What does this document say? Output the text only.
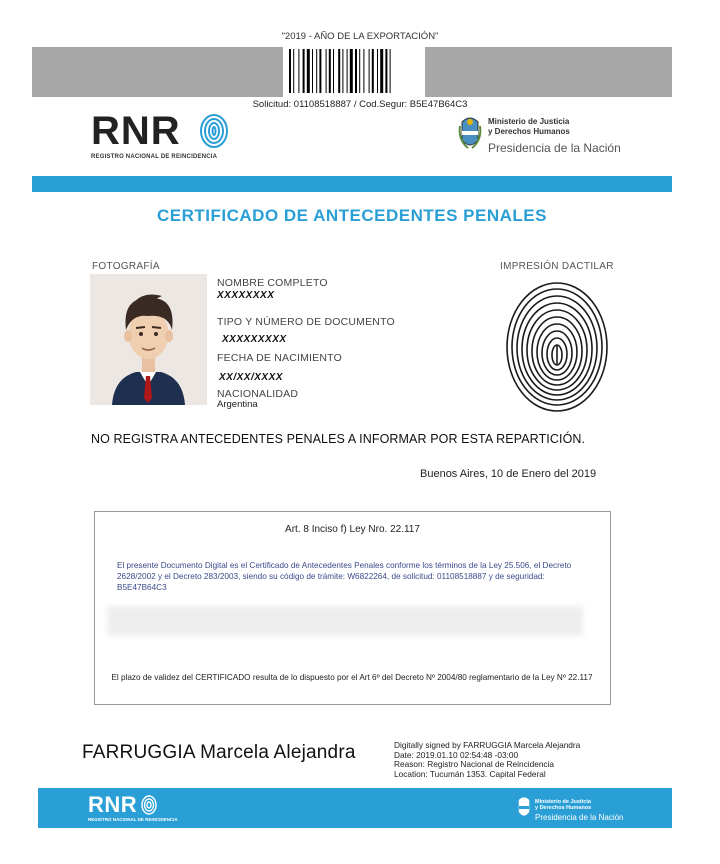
"2019 - AÑO DE LA EXPORTACIÓN"
Solicitud: 01108518887 / Cod.Segur: B5E47B64C3
RNR
REGISTRO NACIONAL DE REINCIDENCIA
Ministerio de Justicia
y Derechos Humanos
Presidencia de la Nación
CERTIFICADO DE ANTECEDENTES PENALES
FOTOGRAFÍA	IMPRESIÓN DACTILAR
NOMBRE COMPLETO
XXXXXXXX
TIPO Y NÚMERO DE DOCUMENTO
XXXXXXXXX
FECHA DE NACIMIENTO
XX/XX/XXXX
NACIONALIDAD
Argentina
NO REGISTRA ANTECEDENTES PENALES A INFORMAR POR ESTA REPARTICIÓN.
Buenos Aires, 10 de Enero del 2019
Art. 8 Inciso f) Ley Nro. 22.117
El presente Documento Digital es el Certificado de Antecedentes Penales conforme los términos de la Ley 25.506, el Decreto 2628/2002 y el Decreto 283/2003, siendo su código de trámite: W6822264, de solicitud: 01108518887 y de seguridad: B5E47B64C3
El plazo de validez del CERTIFICADO resulta de lo dispuesto por el Art 6º del Decreto Nº 2004/80 reglamentario de la Ley Nº 22.117
FARRUGGIA Marcela Alejandra	Digitally signed by FARRUGGIA Marcela Alejandra
Date: 2019.01.10 02:54:48 -03:00
Reason: Registro Nacional de Reincidencia
Location: Tucumán 1353. Capital Federal
RNR
REGISTRO NACIONAL DE REINCIDENCIA
Ministerio de Justicia
y Derechos Humanos
Presidencia de la Nación
